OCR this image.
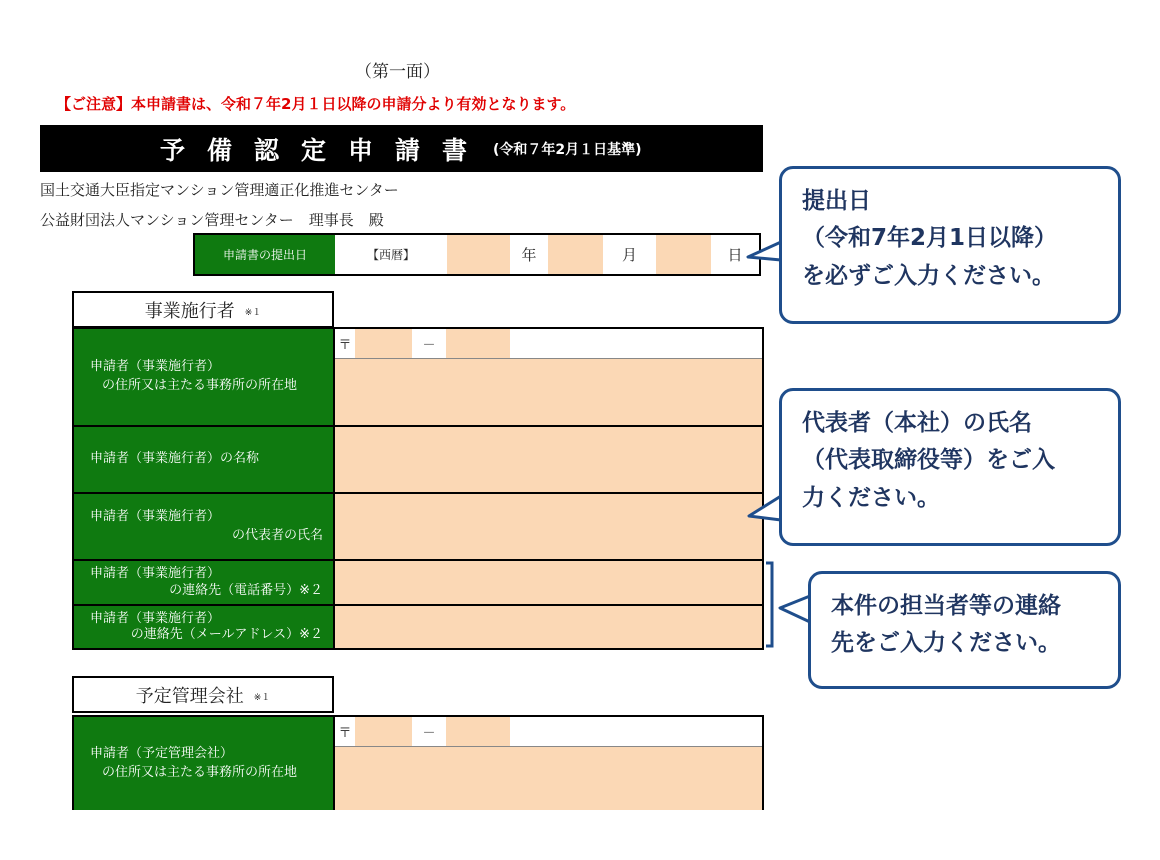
（第一面）
【ご注意】本申請書は、令和７年2月１日以降の申請分より有効となります。
予備認定申請書 (令和７年2月１日基準)
国土交通大臣指定マンション管理適正化推進センター
公益財団法人マンション管理センター　理事長　殿
申請書の提出日	【西暦】	年	月	日
事業施行者 ※１
申請者（事業施行者）
の住所又は主たる事務所の所在地
〒	－
申請者（事業施行者）の名称
申請者（事業施行者）
の代表者の氏名
申請者（事業施行者）
の連絡先（電話番号）※２
申請者（事業施行者）
の連絡先（メールアドレス）※２
予定管理会社 ※１
申請者（予定管理会社）
の住所又は主たる事務所の所在地
〒	－
提出日
（令和7年2月1日以降）
を必ずご入力ください。
代表者（本社）の氏名
（代表取締役等）をご入
力ください。
本件の担当者等の連絡
先をご入力ください。
